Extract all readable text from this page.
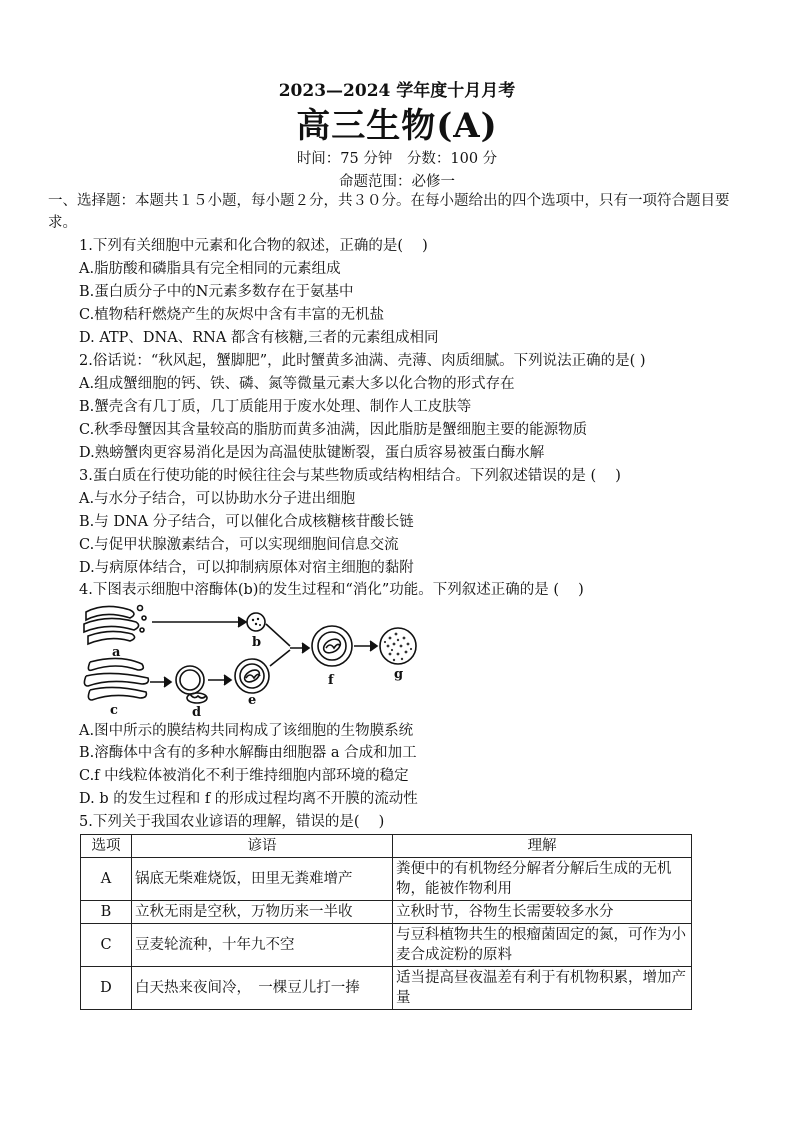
2023—2024 学年度十月月考
高三生物(A)
时间：75 分钟　分数：100 分
命题范围：必修一
一、选择题：本题共１５小题，每小题２分，共３０分。在每小题给出的四个选项中，只有一项符合题目要求。
1.下列有关细胞中元素和化合物的叙述，正确的是(　 )
A.脂肪酸和磷脂具有完全相同的元素组成
B.蛋白质分子中的N元素多数存在于氨基中
C.植物秸秆燃烧产生的灰烬中含有丰富的无机盐
D. ATP、DNA、RNA 都含有核糖,三者的元素组成相同
2.俗话说：“秋风起，蟹脚肥”，此时蟹黄多油满、壳薄、肉质细腻。下列说法正确的是( )
A.组成蟹细胞的钙、铁、磷、氮等微量元素大多以化合物的形式存在
B.蟹壳含有几丁质，几丁质能用于废水处理、制作人工皮肤等
C.秋季母蟹因其含量较高的脂肪而黄多油满，因此脂肪是蟹细胞主要的能源物质
D.熟螃蟹肉更容易消化是因为高温使肽键断裂，蛋白质容易被蛋白酶水解
3.蛋白质在行使功能的时候往往会与某些物质或结构相结合。下列叙述错误的是 (　 )
A.与水分子结合，可以协助水分子进出细胞
B.与 DNA 分子结合，可以催化合成核糖核苷酸长链
C.与促甲状腺激素结合，可以实现细胞间信息交流
D.与病原体结合，可以抑制病原体对宿主细胞的黏附
4.下图表示细胞中溶酶体(b)的发生过程和“消化”功能。下列叙述正确的是 (　 )
a
b
c	d
e
f	g
A.图中所示的膜结构共同构成了该细胞的生物膜系统
B.溶酶体中含有的多种水解酶由细胞器 a 合成和加工
C.f 中线粒体被消化不利于维持细胞内部环境的稳定
D. b 的发生过程和 f 的形成过程均离不开膜的流动性
5.下列关于我国农业谚语的理解，错误的是(　 )
选项	谚语	理解
A	锅底无柴难烧饭，田里无粪难增产	粪便中的有机物经分解者分解后生成的无机物，能被作物利用
B	立秋无雨是空秋，万物历来一半收	立秋时节，谷物生长需要较多水分
C	豆麦轮流种，十年九不空	与豆科植物共生的根瘤菌固定的氮，可作为小麦合成淀粉的原料
D	白天热来夜间冷，　一棵豆儿打一捧	适当提高昼夜温差有利于有机物积累，增加产量
